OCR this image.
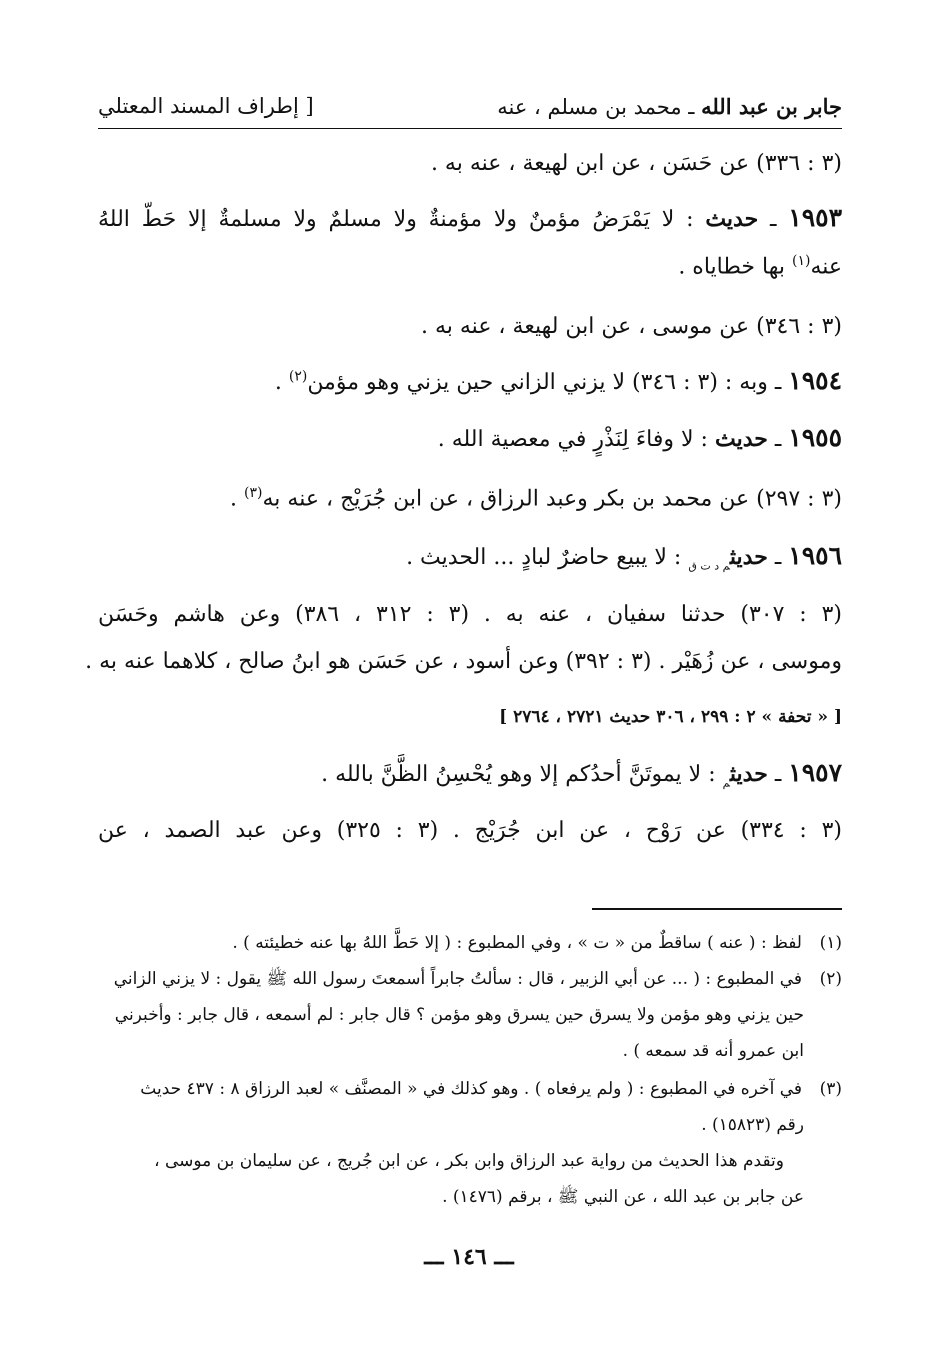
جابر بن عبد الله ـ محمد بن مسلم ، عنه
[ إطراف المسند المعتلي
(٣ : ٣٣٦) عن حَسَن ، عن ابن لهيعة ، عنه به .
١٩٥٣ ـ حديث : لا يَمْرَضُ مؤمنٌ ولا مؤمنةٌ ولا مسلمٌ ولا مسلمةٌ إلا حَطّ اللهُ
عنه$^{(١)}$ بها خطاياه .
(٣ : ٣٤٦) عن موسى ، عن ابن لهيعة ، عنه به .
١٩٥٤ ـ وبه : (٣ : ٣٤٦) لا يزني الزاني حين يزني وهو مؤمن$^{(٢)}$ .
١٩٥٥ ـ حديث : لا وفاءَ لِنَذْرٍ في معصية الله .
(٣ : ٢٩٧) عن محمد بن بكر وعبد الرزاق ، عن ابن جُرَيْج ، عنه به$^{(٣)}$ .
١٩٥٦ ـ حديث$_{م د ت ق}$ : لا يبيع حاضرٌ لبادٍ ... الحديث .
(٣ : ٣٠٧) حدثنا سفيان ، عنه به . (٣ : ٣١٢ ، ٣٨٦) وعن هاشم وحَسَن
وموسى ، عن زُهَيْر . (٣ : ٣٩٢) وعن أسود ، عن حَسَن هو ابنُ صالح ، كلاهما عنه به .
[ « تحفة » ٢ : ٢٩٩ ، ٣٠٦ حديث ٢٧٢١ ، ٢٧٦٤ ]
١٩٥٧ ـ حديث$_م$ : لا يموتَنَّ أحدُكم إلا وهو يُحْسِنُ الظَّنَّ بالله .
(٣ : ٣٣٤) عن رَوْح ، عن ابن جُرَيْج . (٣ : ٣٢٥) وعن عبد الصمد ، عن
(١)لفظ : ( عنه ) ساقطٌ من « ت » ، وفي المطبوع : ( إلا حَطَّ اللهُ بها عنه خطيئته ) .
(٢)في المطبوع : ( ... عن أبي الزبير ، قال : سألتُ جابراً أسمعتَ رسول الله ﷺ يقول : لا يزني الزاني
حين يزني وهو مؤمن ولا يسرق حين يسرق وهو مؤمن ؟ قال جابر : لم أسمعه ، قال جابر : وأخبرني
ابن عمرو أنه قد سمعه ) .
(٣)في آخره في المطبوع : ( ولم يرفعاه ) . وهو كذلك في « المصنَّف » لعبد الرزاق ٨ : ٤٣٧ حديث
رقم (١٥٨٢٣) .
وتقدم هذا الحديث من رواية عبد الرزاق وابن بكر ، عن ابن جُريج ، عن سليمان بن موسى ،
عن جابر بن عبد الله ، عن النبي ﷺ ، برقم (١٤٧٦) .
ـــ ١٤٦ ـــ
